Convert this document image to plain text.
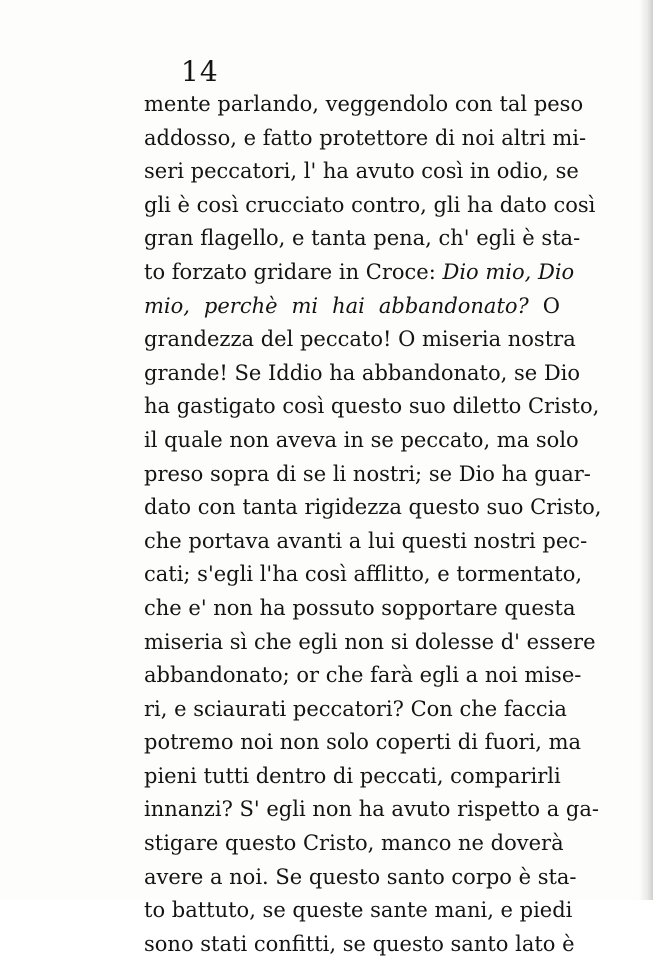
14
mente parlando, veggendolo con tal peso
addosso, e fatto protettore di noi altri mi-
seri peccatori, l' ha avuto così in odio, se
gli è così crucciato contro, gli ha dato così
gran flagello, e tanta pena, ch' egli è sta-
to forzato gridare in Croce: Dio mio, Dio
mio, perchè mi hai abbandonato? O
grandezza del peccato! O miseria nostra
grande! Se Iddio ha abbandonato, se Dio
ha gastigato così questo suo diletto Cristo,
il quale non aveva in se peccato, ma solo
preso sopra di se li nostri; se Dio ha guar-
dato con tanta rigidezza questo suo Cristo,
che portava avanti a lui questi nostri pec-
cati; s'egli l'ha così afflitto, e tormentato,
che e' non ha possuto sopportare questa
miseria sì che egli non si dolesse d' essere
abbandonato; or che farà egli a noi mise-
ri, e sciaurati peccatori? Con che faccia
potremo noi non solo coperti di fuori, ma
pieni tutti dentro di peccati, comparirli
innanzi? S' egli non ha avuto rispetto a ga-
stigare questo Cristo, manco ne doverà
avere a noi. Se questo santo corpo è sta-
to battuto, se queste sante mani, e piedi
sono stati confitti, se questo santo lato è
